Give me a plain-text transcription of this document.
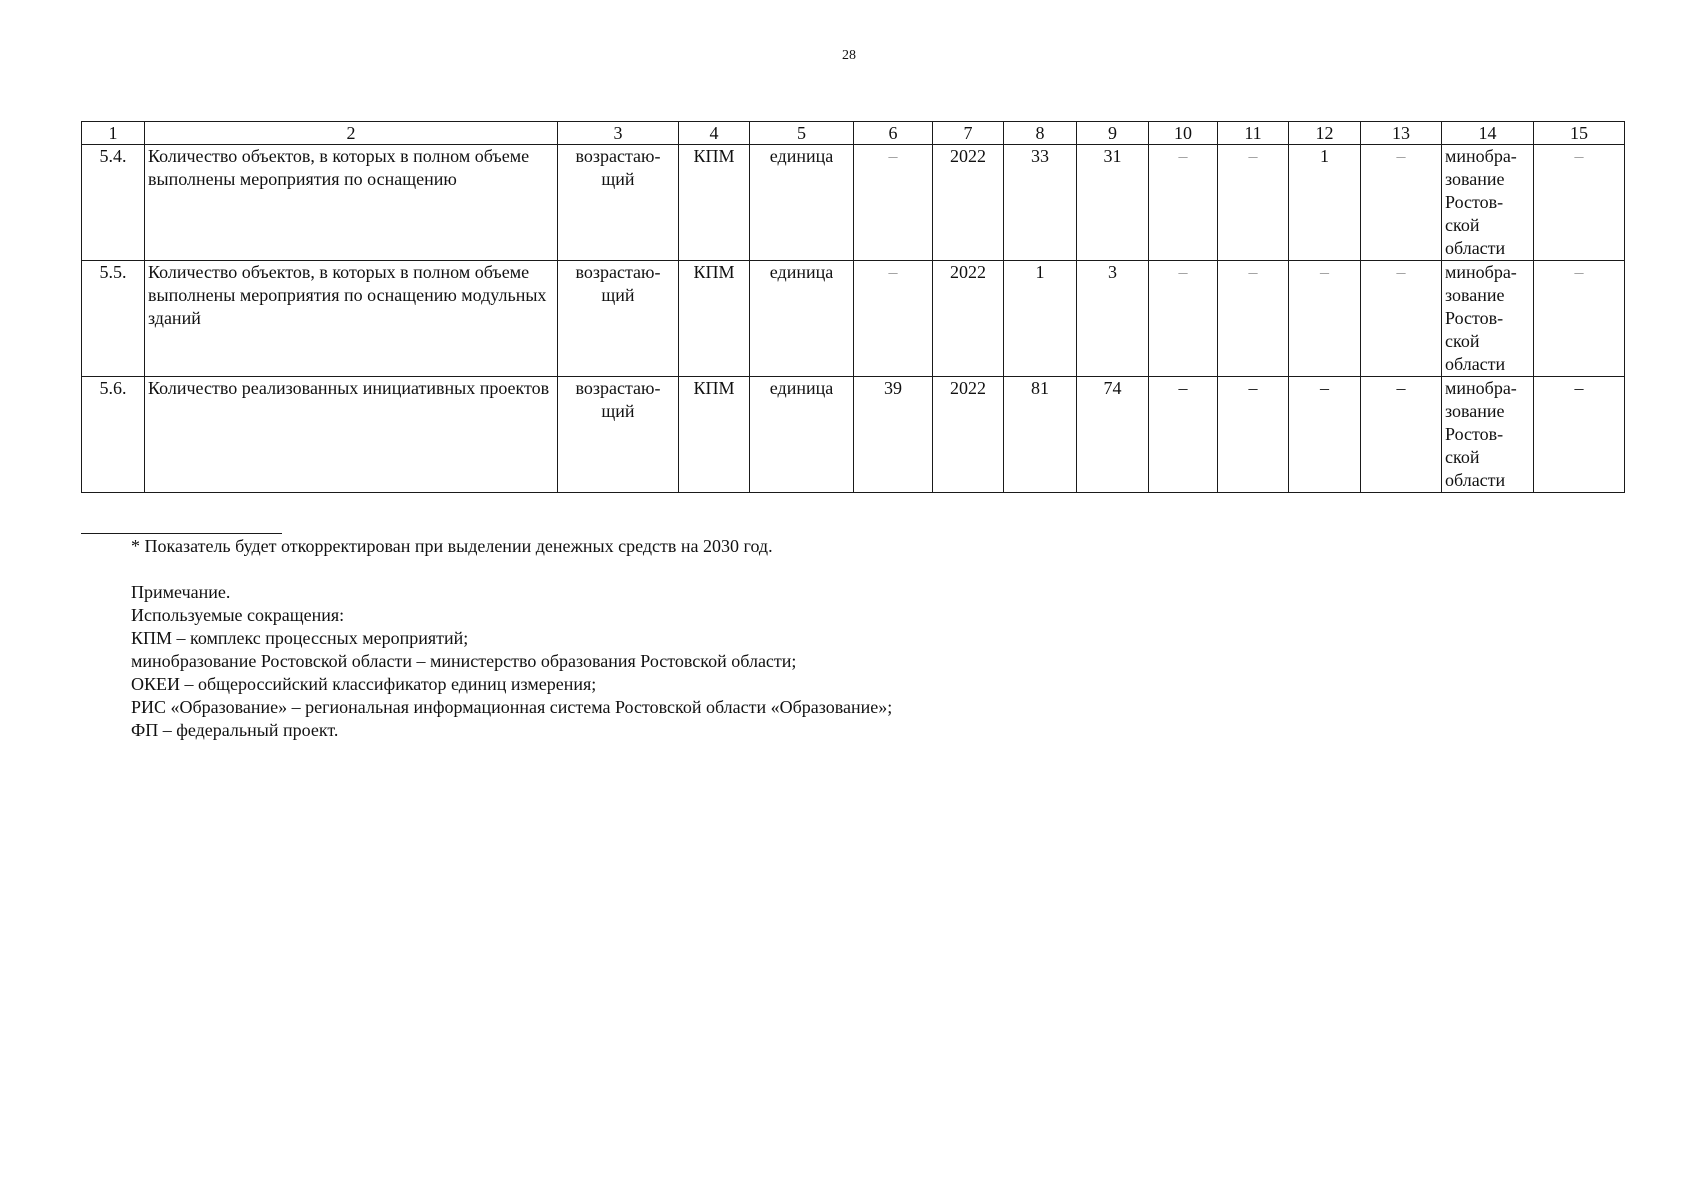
28
1	2	3	4	5	6	7	8	9	10	11	12	13	14	15
5.4.	Количество объектов, в которых в полном объеме выполнены мероприятия по оснащению	возрастаю-щий	КПМ	единица	–	2022	33	31	–	–	1	–	минобра-зование Ростов-ской области	–
5.5.	Количество объектов, в которых в полном объеме выполнены мероприятия по оснащению модульных зданий	возрастаю-щий	КПМ	единица	–	2022	1	3	–	–	–	–	минобра-зование Ростов-ской области	–
5.6.	Количество реализованных инициативных проектов	возрастаю-щий	КПМ	единица	39	2022	81	74	–	–	–	–	минобра-зование Ростов-ской области	–
* Показатель будет откорректирован при выделении денежных средств на 2030 год.
Примечание.
Используемые сокращения:
КПМ – комплекс процессных мероприятий;
минобразование Ростовской области – министерство образования Ростовской области;
ОКЕИ – общероссийский классификатор единиц измерения;
РИС «Образование» – региональная информационная система Ростовской области «Образование»;
ФП – федеральный проект.
